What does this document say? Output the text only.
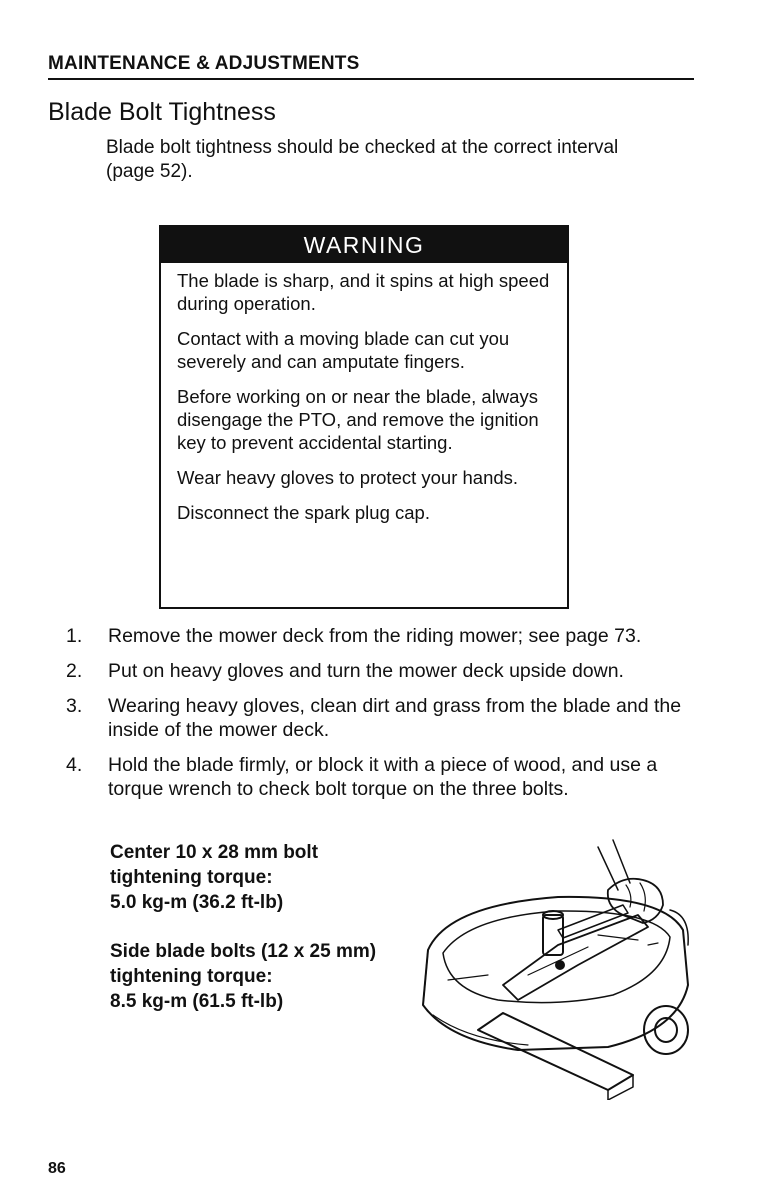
MAINTENANCE & ADJUSTMENTS
Blade Bolt Tightness

Blade bolt tightness should be checked at the correct interval (page 52).

WARNING

The blade is sharp, and it spins at high speed during operation.

Contact with a moving blade can cut you severely and can amputate fingers.

Before working on or near the blade, always disengage the PTO, and remove the ignition key to prevent accidental starting.

Wear heavy gloves to protect your hands.

Disconnect the spark plug cap.

1.	Remove the mower deck from the riding mower; see page 73.
2.	Put on heavy gloves and turn the mower deck upside down.
3.	Wearing heavy gloves, clean dirt and grass from the blade and the inside of the mower deck.
4.	Hold the blade firmly, or block it with a piece of wood, and use a torque wrench to check bolt torque on the three bolts.

Center 10 x 28 mm bolt tightening torque:

5.0 kg-m (36.2 ft-lb)

Side blade bolts (12 x 25 mm) tightening torque:

8.5 kg-m (61.5 ft-lb)

86
